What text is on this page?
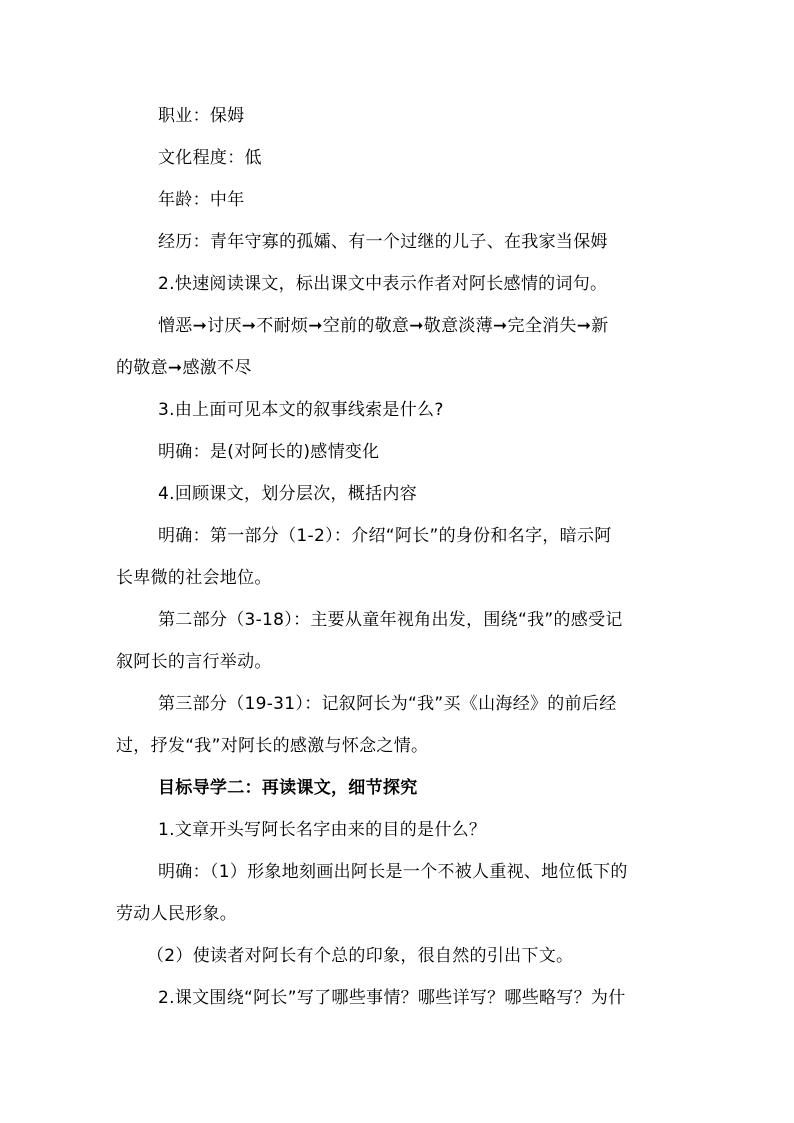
职业：保姆
文化程度：低
年龄：中年
经历：青年守寡的孤孀、有一个过继的儿子、在我家当保姆
2.快速阅读课文，标出课文中表示作者对阿长感情的词句。
憎恶➞讨厌➞不耐烦➞空前的敬意➞敬意淡薄➞完全消失➞新
的敬意➞感激不尽
3.由上面可见本文的叙事线索是什么?
明确：是(对阿长的)感情变化
4.回顾课文，划分层次，概括内容
明确：第一部分（1-2）：介绍“阿长”的身份和名字，暗示阿
长卑微的社会地位。
第二部分（3-18）：主要从童年视角出发，围绕“我”的感受记
叙阿长的言行举动。
第三部分（19-31）：记叙阿长为“我”买《山海经》的前后经
过，抒发“我”对阿长的感激与怀念之情。
目标导学二：再读课文，细节探究
1.文章开头写阿长名字由来的目的是什么？
明确：（1）形象地刻画出阿长是一个不被人重视、地位低下的
劳动人民形象。
（2）使读者对阿长有个总的印象，很自然的引出下文。
2.课文围绕“阿长”写了哪些事情？哪些详写？哪些略写？为什
